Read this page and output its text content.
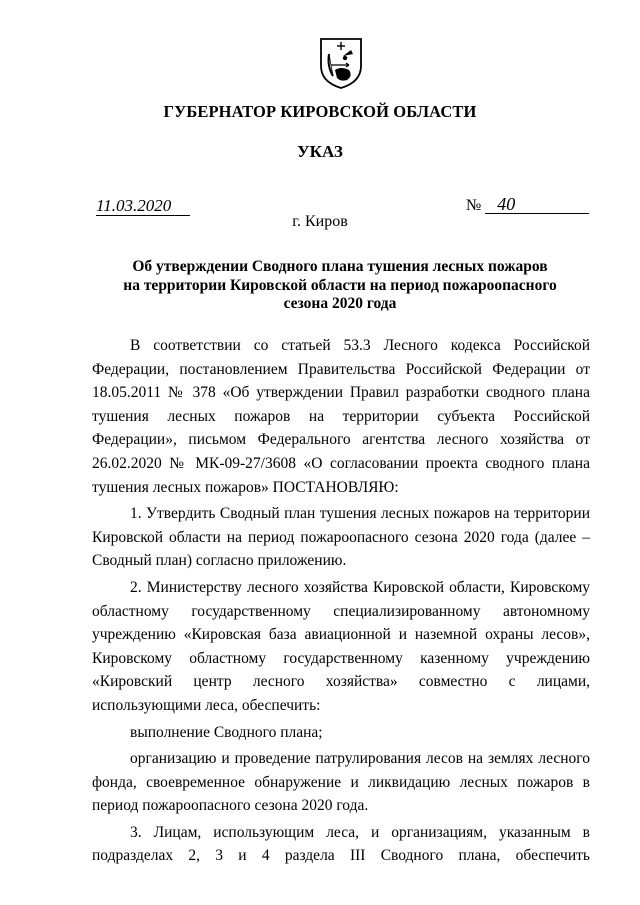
ГУБЕРНАТОР КИРОВСКОЙ ОБЛАСТИ
УКАЗ
11.03.2020	№ 40
г. Киров
Об утверждении Сводного плана тушения лесных пожаров
на территории Кировской области на период пожароопасного
сезона 2020 года

В соответствии со статьей 53.3 Лесного кодекса Российской Федерации, постановлением Правительства Российской Федерации от 18.05.2011 № 378 «Об утверждении Правил разработки сводного плана тушения лесных пожаров на территории субъекта Российской Федерации», письмом Федерального агентства лесного хозяйства от 26.02.2020 № МК-09-27/3608 «О согласовании проекта сводного плана тушения лесных пожаров» ПОСТАНОВЛЯЮ:

1. Утвердить Сводный план тушения лесных пожаров на территории Кировской области на период пожароопасного сезона 2020 года (далее – Сводный план) согласно приложению.

2. Министерству лесного хозяйства Кировской области, Кировскому областному государственному специализированному автономному учреждению «Кировская база авиационной и наземной охраны лесов», Кировскому областному государственному казенному учреждению «Кировский центр лесного хозяйства» совместно с лицами, использующими леса, обеспечить:

выполнение Сводного плана;

организацию и проведение патрулирования лесов на землях лесного фонда, своевременное обнаружение и ликвидацию лесных пожаров в период пожароопасного сезона 2020 года.

3. Лицам, использующим леса, и организациям, указанным в подразделах 2, 3 и 4 раздела III Сводного плана, обеспечить
